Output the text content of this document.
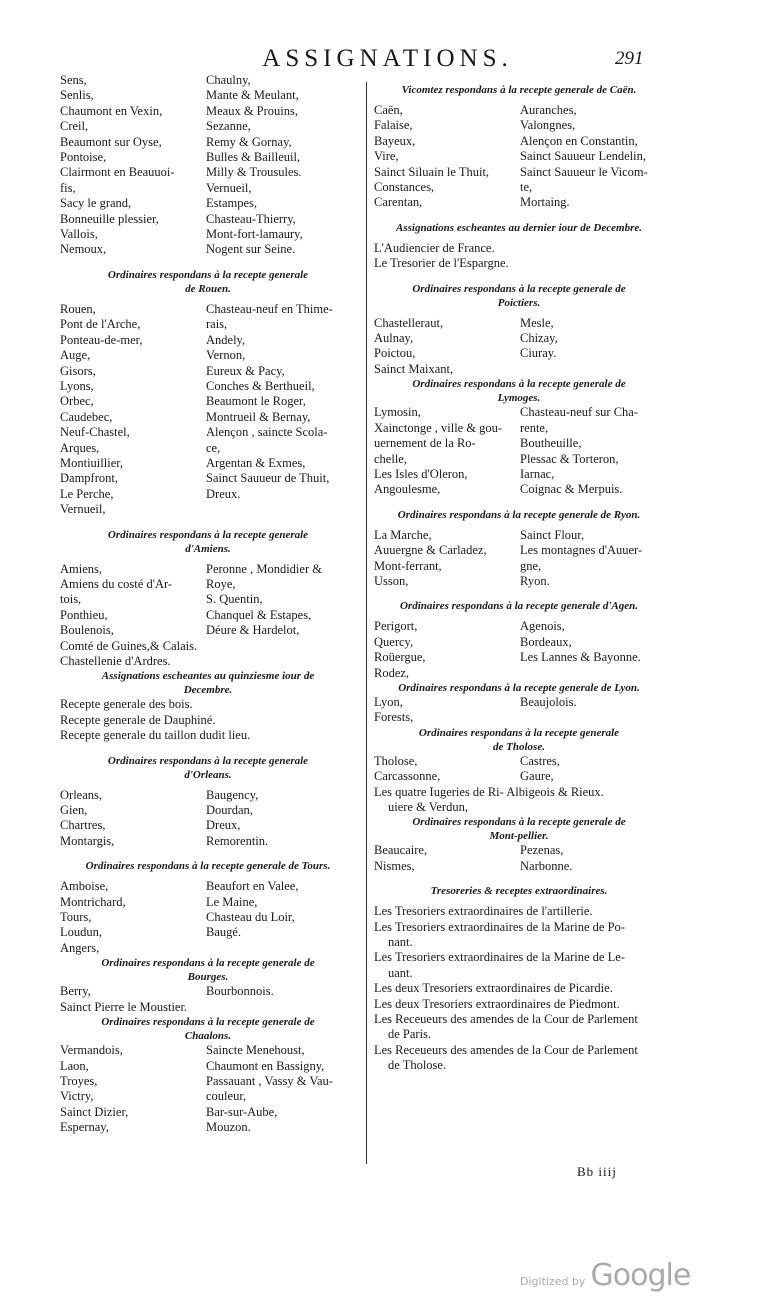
ASSIGNATIONS.	291
Sens,	Chaulny,
Senlis,	Mante & Meulant,
Chaumont en Vexin,	Meaux & Prouins,
Creil,	Sezanne,
Beaumont sur Oyse,	Remy & Gornay,
Pontoise,	Bulles & Bailleuil,
Clairmont en Beauuoi-	Milly & Trousules.
fis,	Vernueil,
Sacy le grand,	Estampes,
Bonneuille plessier,	Chasteau-Thierry,
Vallois,	Mont-fort-lamaury,
Nemoux,	Nogent sur Seine.
Ordinaires respondans à la recepte generale
de Rouen.
Rouen,	Chasteau-neuf en Thime-
Pont de l'Arche,	rais,
Ponteau-de-mer,	Andely,
Auge,	Vernon,
Gisors,	Eureux & Pacy,
Lyons,	Conches & Berthueil,
Orbec,	Beaumont le Roger,
Caudebec,	Montrueil & Bernay,
Neuf-Chastel,	Alençon , saincte Scola-
Arques,	ce,
Montiuillier,	Argentan & Exmes,
Dampfront,	Sainct Sauueur de Thuit,
Le Perche,	Dreux.
Vernueil,
Ordinaires respondans à la recepte generale
d'Amiens.
Amiens,	Peronne , Mondidier &
Amiens du costé d'Ar-	Roye,
tois,	S. Quentin,
Ponthieu,	Chanquel & Estapes,
Boulenois,	Déure & Hardelot,
Comté de Guines,& Calais.
Chastellenie d'Ardres.
Assignations escheantes au quinziesme iour de
Decembre.
Recepte generale des bois.
Recepte generale de Dauphiné.
Recepte generale du taillon dudit lieu.
Ordinaires respondans à la recepte generale
d'Orleans.
Orleans,	Baugency,
Gien,	Dourdan,
Chartres,	Dreux,
Montargis,	Remorentin.
Ordinaires respondans à la recepte generale de Tours.
Amboise,	Beaufort en Valee,
Montrichard,	Le Maine,
Tours,	Chasteau du Loir,
Loudun,	Baugé.
Angers,
Ordinaires respondans à la recepte generale de
Bourges.
Berry,	Bourbonnois.
Sainct Pierre le Moustier.
Ordinaires respondans à la recepte generale de
Chaalons.
Vermandois,	Saincte Menehoust,
Laon,	Chaumont en Bassigny,
Troyes,	Passauant , Vassy & Vau-
Victry,	couleur,
Sainct Dizier,	Bar-sur-Aube,
Espernay,	Mouzon.
Vicomtez respondans à la recepte generale de Caën.
Caën,	Auranches,
Falaise,	Valongnes,
Bayeux,	Alençon en Constantin,
Vire,	Sainct Sauueur Lendelin,
Sainct Siluain le Thuit,	Sainct Sauueur le Vicom-
Constances,	te,
Carentan,	Mortaing.
Assignations escheantes au dernier iour de Decembre.
L'Audiencier de France.
Le Tresorier de l'Espargne.
Ordinaires respondans à la recepte generale de
Poictiers.
Chastelleraut,	Mesle,
Aulnay,	Chizay,
Poictou,	Ciuray.
Sainct Maixant,
Ordinaires respondans à la recepte generale de
Lymoges.
Lymosin,	Chasteau-neuf sur Cha-
Xainctonge , ville & gou-	rente,
uernement de la Ro-	Boutheuille,
chelle,	Plessac & Torteron,
Les Isles d'Oleron,	Iarnac,
Angoulesme,	Coignac & Merpuis.
Ordinaires respondans à la recepte generale de Ryon.
La Marche,	Sainct Flour,
Auuergne & Carladez,	Les montagnes d'Auuer-
Mont-ferrant,	gne,
Usson,	Ryon.
Ordinaires respondans à la recepte generale d'Agen.
Perigort,	Agenois,
Quercy,	Bordeaux,
Roüergue,	Les Lannes & Bayonne.
Rodez,
Ordinaires respondans à la recepte generale de Lyon.
Lyon,	Beaujolois.
Forests,
Ordinaires respondans à la recepte generale
de Tholose.
Tholose,	Castres,
Carcassonne,	Gaure,
Les quatre Iugeries de Ri- Albigeois & Rieux.
uiere & Verdun,
Ordinaires respondans à la recepte generale de
Mont-pellier.
Beaucaire,	Pezenas,
Nismes,	Narbonne.
Tresoreries & receptes extraordinaires.
Les Tresoriers extraordinaires de l'artillerie.
Les Tresoriers extraordinaires de la Marine de Po-
nant.
Les Tresoriers extraordinaires de la Marine de Le-
uant.
Les deux Tresoriers extraordinaires de Picardie.
Les deux Tresoriers extraordinaires de Piedmont.
Les Receueurs des amendes de la Cour de Parlement
de Paris.
Les Receueurs des amendes de la Cour de Parlement
de Tholose.
Bb iiij
Digitized by Google
